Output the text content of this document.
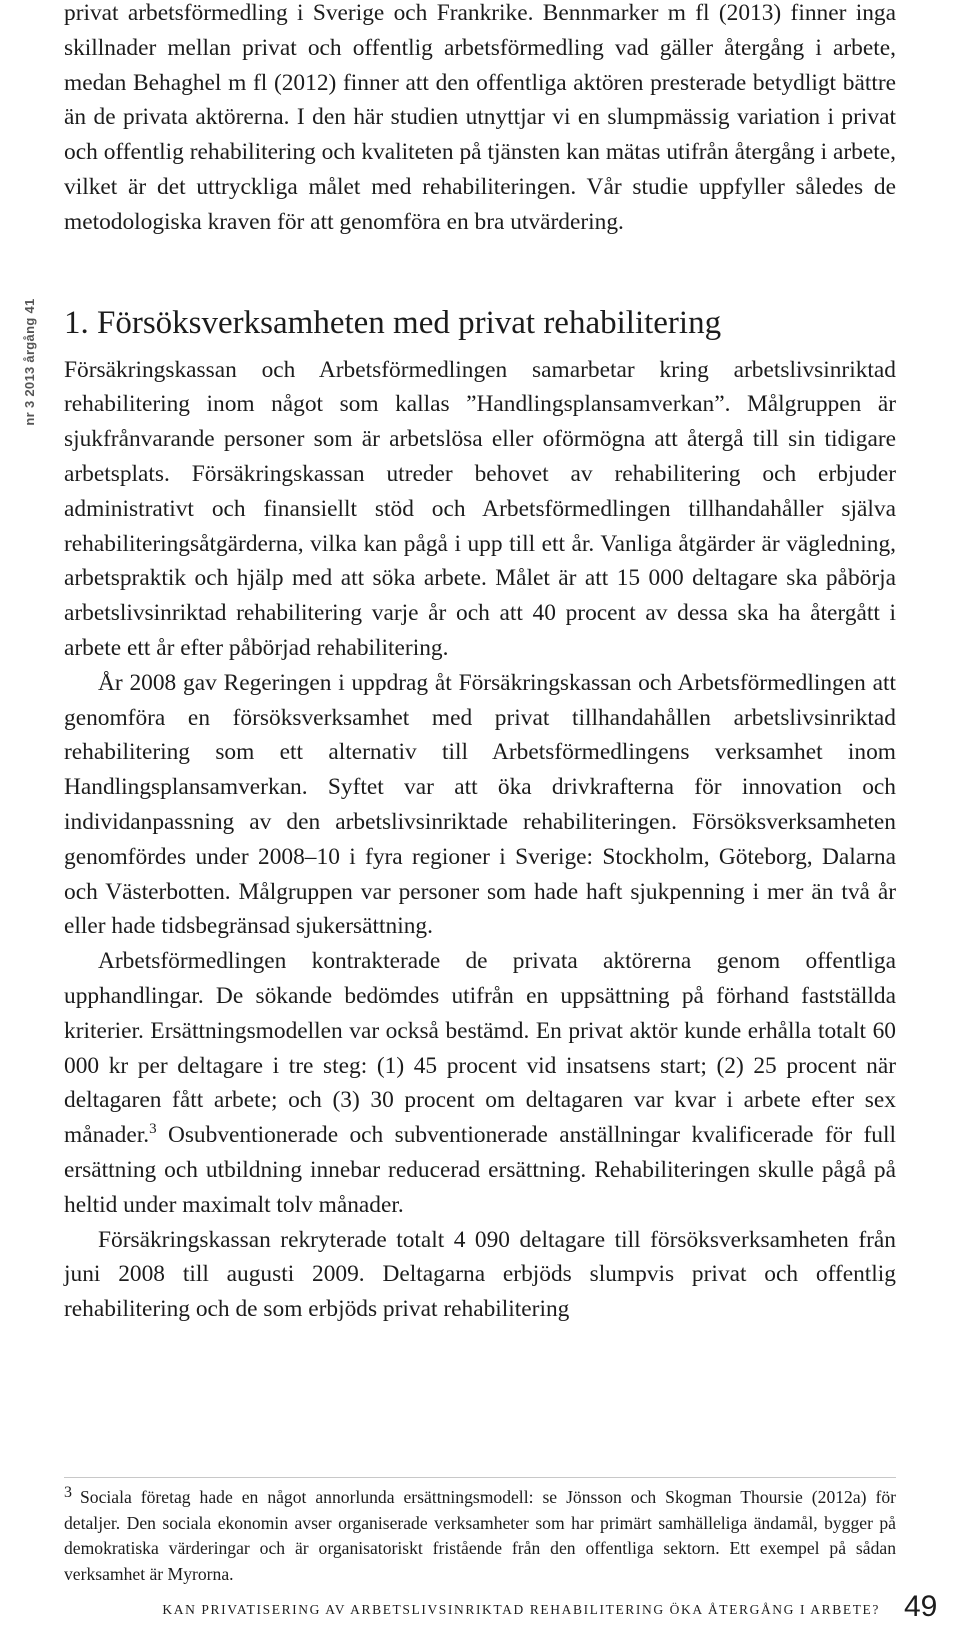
nr 3 2013 årgång 41

privat arbetsförmedling i Sverige och Frankrike. Bennmarker m fl (2013) finner inga skillnader mellan privat och offentlig arbetsförmedling vad gäller återgång i arbete, medan Behaghel m fl (2012) finner att den offentliga aktören presterade betydligt bättre än de privata aktörerna. I den här studien utnyttjar vi en slumpmässig variation i privat och offentlig rehabilitering och kvaliteten på tjänsten kan mätas utifrån återgång i arbete, vilket är det uttryckliga målet med rehabiliteringen. Vår studie uppfyller således de metodologiska kraven för att genomföra en bra utvärdering.

1. Försöksverksamheten med privat rehabilitering

Försäkringskassan och Arbetsförmedlingen samarbetar kring arbetslivsinriktad rehabilitering inom något som kallas ”Handlingsplansamverkan”. Målgruppen är sjukfrånvarande personer som är arbetslösa eller oförmögna att återgå till sin tidigare arbetsplats. Försäkringskassan utreder behovet av rehabilitering och erbjuder administrativt och finansiellt stöd och Arbetsförmedlingen tillhandahåller själva rehabiliteringsåtgärderna, vilka kan pågå i upp till ett år. Vanliga åtgärder är vägledning, arbetspraktik och hjälp med att söka arbete. Målet är att 15 000 deltagare ska påbörja arbetslivsinriktad rehabilitering varje år och att 40 procent av dessa ska ha återgått i arbete ett år efter påbörjad rehabilitering.

År 2008 gav Regeringen i uppdrag åt Försäkringskassan och Arbetsförmedlingen att genomföra en försöksverksamhet med privat tillhandahållen arbetslivsinriktad rehabilitering som ett alternativ till Arbetsförmedlingens verksamhet inom Handlingsplansamverkan. Syftet var att öka drivkrafterna för innovation och individanpassning av den arbetslivsinriktade rehabiliteringen. Försöksverksamheten genomfördes under 2008–10 i fyra regioner i Sverige: Stockholm, Göteborg, Dalarna och Västerbotten. Målgruppen var personer som hade haft sjukpenning i mer än två år eller hade tidsbegränsad sjukersättning.

Arbetsförmedlingen kontrakterade de privata aktörerna genom offentliga upphandlingar. De sökande bedömdes utifrån en uppsättning på förhand fastställda kriterier. Ersättningsmodellen var också bestämd. En privat aktör kunde erhålla totalt 60 000 kr per deltagare i tre steg: (1) 45 procent vid insatsens start; (2) 25 procent när deltagaren fått arbete; och (3) 30 procent om deltagaren var kvar i arbete efter sex månader.$^3$ Osubventionerade och subventionerade anställningar kvalificerade för full ersättning och utbildning innebar reducerad ersättning. Rehabiliteringen skulle pågå på heltid under maximalt tolv månader.

Försäkringskassan rekryterade totalt 4 090 deltagare till försöksverksamheten från juni 2008 till augusti 2009. Deltagarna erbjöds slumpvis privat och offentlig rehabilitering och de som erbjöds privat rehabilitering

3 Sociala företag hade en något annorlunda ersättningsmodell: se Jönsson och Skogman Thoursie (2012a) för detaljer. Den sociala ekonomin avser organiserade verksamheter som har primärt samhälleliga ändamål, bygger på demokratiska värderingar och är organisatoriskt fristående från den offentliga sektorn. Ett exempel på sådan verksamhet är Myrorna.

KAN PRIVATISERING AV ARBETSLIVSINRIKTAD REHABILITERING ÖKA ÅTERGÅNG I ARBETE? 49
